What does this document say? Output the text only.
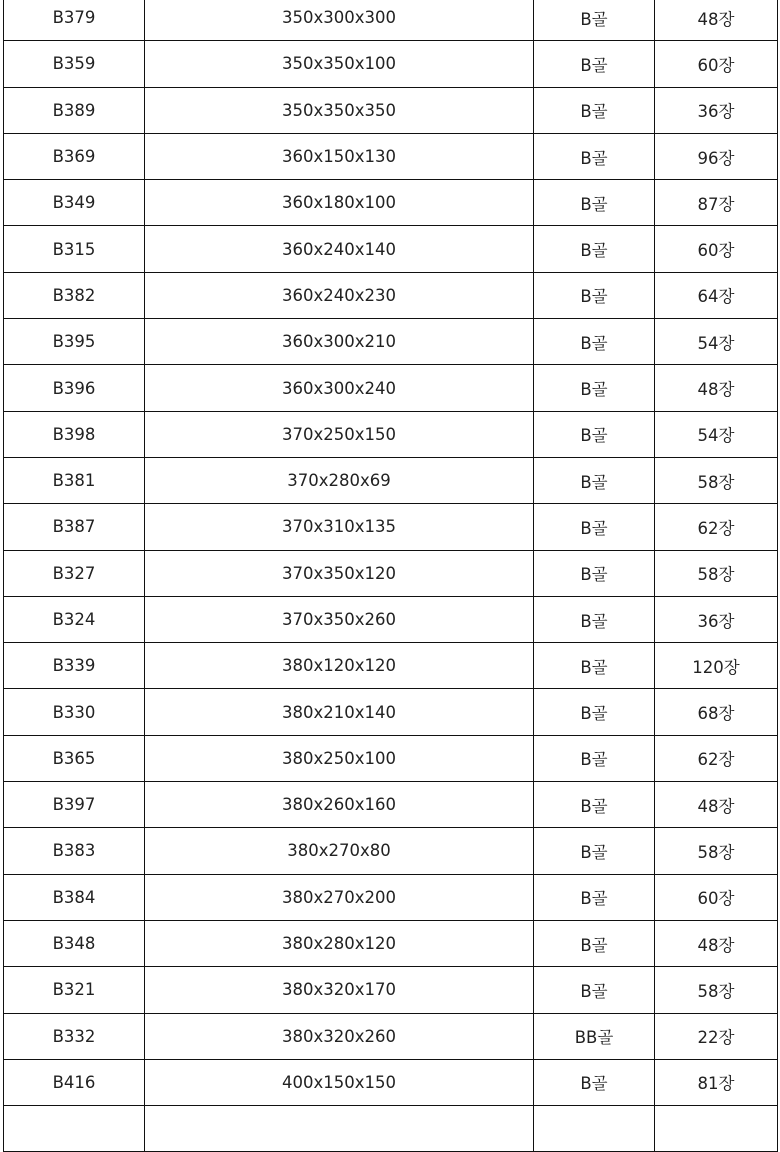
B379	350x300x300	B골	48장
B359	350x350x100	B골	60장
B389	350x350x350	B골	36장
B369	360x150x130	B골	96장
B349	360x180x100	B골	87장
B315	360x240x140	B골	60장
B382	360x240x230	B골	64장
B395	360x300x210	B골	54장
B396	360x300x240	B골	48장
B398	370x250x150	B골	54장
B381	370x280x69	B골	58장
B387	370x310x135	B골	62장
B327	370x350x120	B골	58장
B324	370x350x260	B골	36장
B339	380x120x120	B골	120장
B330	380x210x140	B골	68장
B365	380x250x100	B골	62장
B397	380x260x160	B골	48장
B383	380x270x80	B골	58장
B384	380x270x200	B골	60장
B348	380x280x120	B골	48장
B321	380x320x170	B골	58장
B332	380x320x260	BB골	22장
B416	400x150x150	B골	81장
